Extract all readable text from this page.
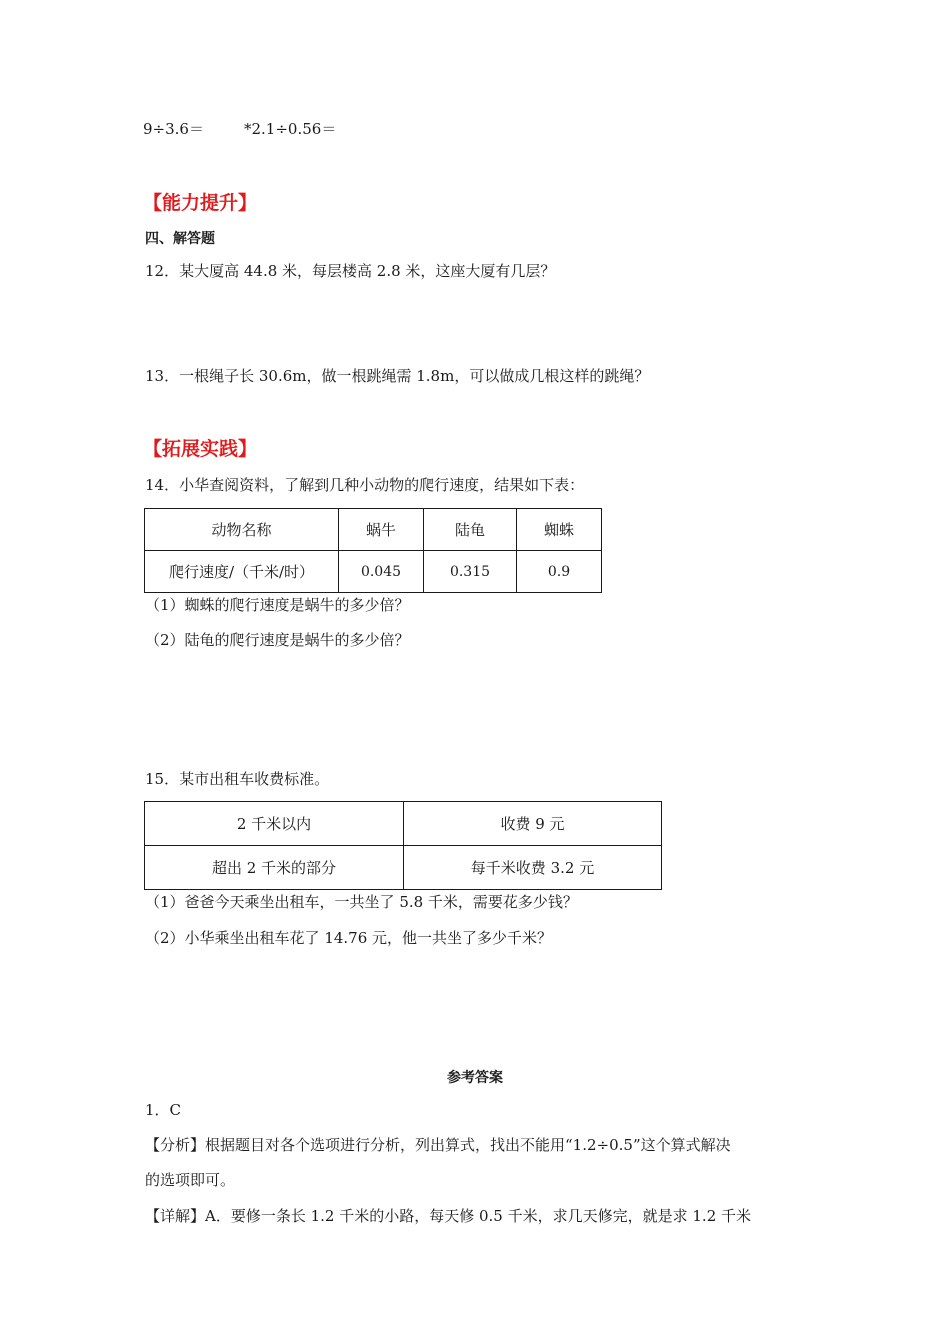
9÷3.6＝	*2.1÷0.56＝
【能力提升】
四、解答题
12．某大厦高 44.8 米，每层楼高 2.8 米，这座大厦有几层？
13．一根绳子长 30.6m，做一根跳绳需 1.8m，可以做成几根这样的跳绳？
【拓展实践】
14．小华查阅资料，了解到几种小动物的爬行速度，结果如下表：
动物名称	蜗牛	陆龟	蜘蛛
爬行速度/（千米/时）	0.045	0.315	0.9
（1）蜘蛛的爬行速度是蜗牛的多少倍？
（2）陆龟的爬行速度是蜗牛的多少倍？
15．某市出租车收费标准。
2 千米以内	收费 9 元
超出 2 千米的部分	每千米收费 3.2 元
（1）爸爸今天乘坐出租车，一共坐了 5.8 千米，需要花多少钱？
（2）小华乘坐出租车花了 14.76 元，他一共坐了多少千米？
参考答案
1．C
【分析】根据题目对各个选项进行分析，列出算式，找出不能用“1.2÷0.5”这个算式解决
的选项即可。
【详解】A．要修一条长 1.2 千米的小路，每天修 0.5 千米，求几天修完，就是求 1.2 千米
